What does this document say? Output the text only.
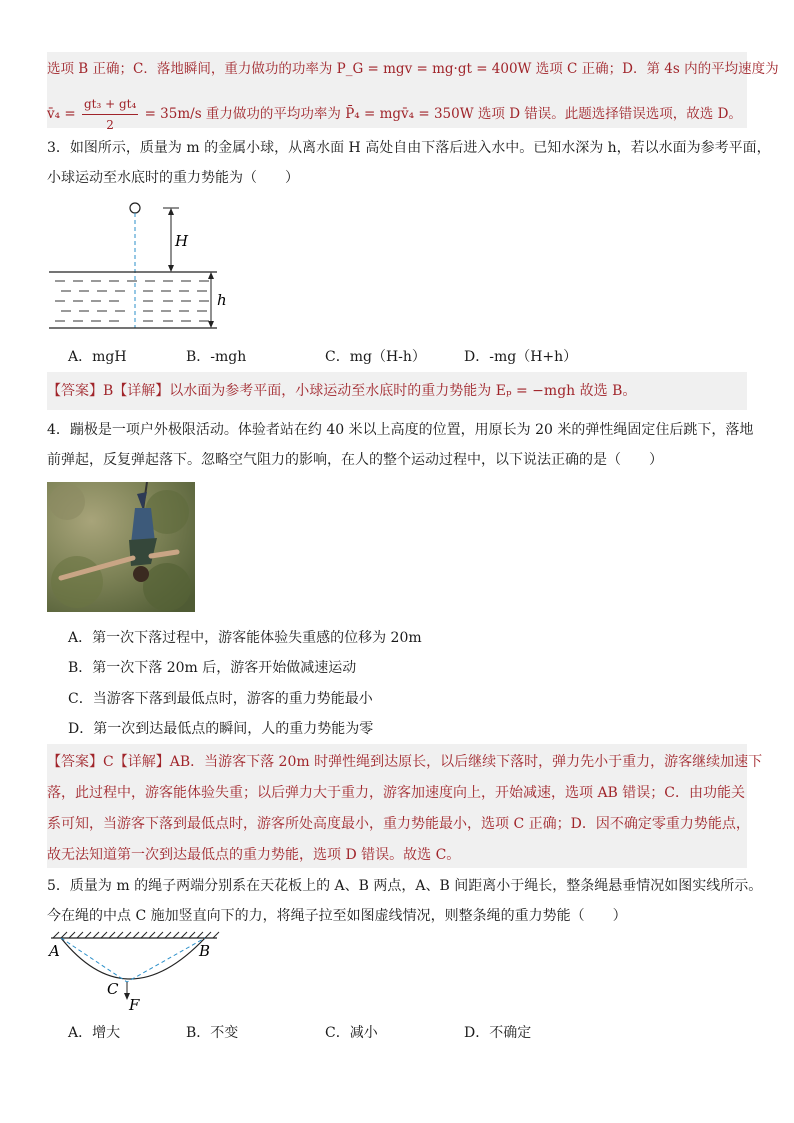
选项 B 正确；C．落地瞬间，重力做功的功率为 P_G = mgv = mg·gt = 400W 选项 C 正确；D．第 4s 内的平均速度为
v̄₄ = $\frac{\text{gt₃ + gt₄}}{2} = 35m/s$ 重力做功的平均功率为 P̄₄ = mgv̄₄ = 350W 选项 D 错误。此题选择错误选项，故选 D。
3．如图所示，质量为 m 的金属小球，从离水面 H 高处自由下落后进入水中。已知水深为 h，若以水面为参考平面，
小球运动至水底时的重力势能为（　　）
H
h
A．mgH	B．-mgh	C．mg（H-h）	D．-mg（H+h）
【答案】B【详解】以水面为参考平面，小球运动至水底时的重力势能为 Eₚ = −mgh 故选 B。
4．蹦极是一项户外极限活动。体验者站在约 40 米以上高度的位置，用原长为 20 米的弹性绳固定住后跳下，落地
前弹起，反复弹起落下。忽略空气阻力的影响，在人的整个运动过程中，以下说法正确的是（　　）
A．第一次下落过程中，游客能体验失重感的位移为 20m
B．第一次下落 20m 后，游客开始做减速运动
C．当游客下落到最低点时，游客的重力势能最小
D．第一次到达最低点的瞬间，人的重力势能为零
【答案】C【详解】AB．当游客下落 20m 时弹性绳到达原长，以后继续下落时，弹力先小于重力，游客继续加速下
落，此过程中，游客能体验失重；以后弹力大于重力，游客加速度向上，开始减速，选项 AB 错误；C．由功能关
系可知，当游客下落到最低点时，游客所处高度最小，重力势能最小，选项 C 正确；D．因不确定零重力势能点，
故无法知道第一次到达最低点的重力势能，选项 D 错误。故选 C。
5．质量为 m 的绳子两端分别系在天花板上的 A、B 两点，A、B 间距离小于绳长，整条绳悬垂情况如图实线所示。
今在绳的中点 C 施加竖直向下的力，将绳子拉至如图虚线情况，则整条绳的重力势能（　　）
A	B
C
F
A．增大	B．不变	C．减小	D．不确定
